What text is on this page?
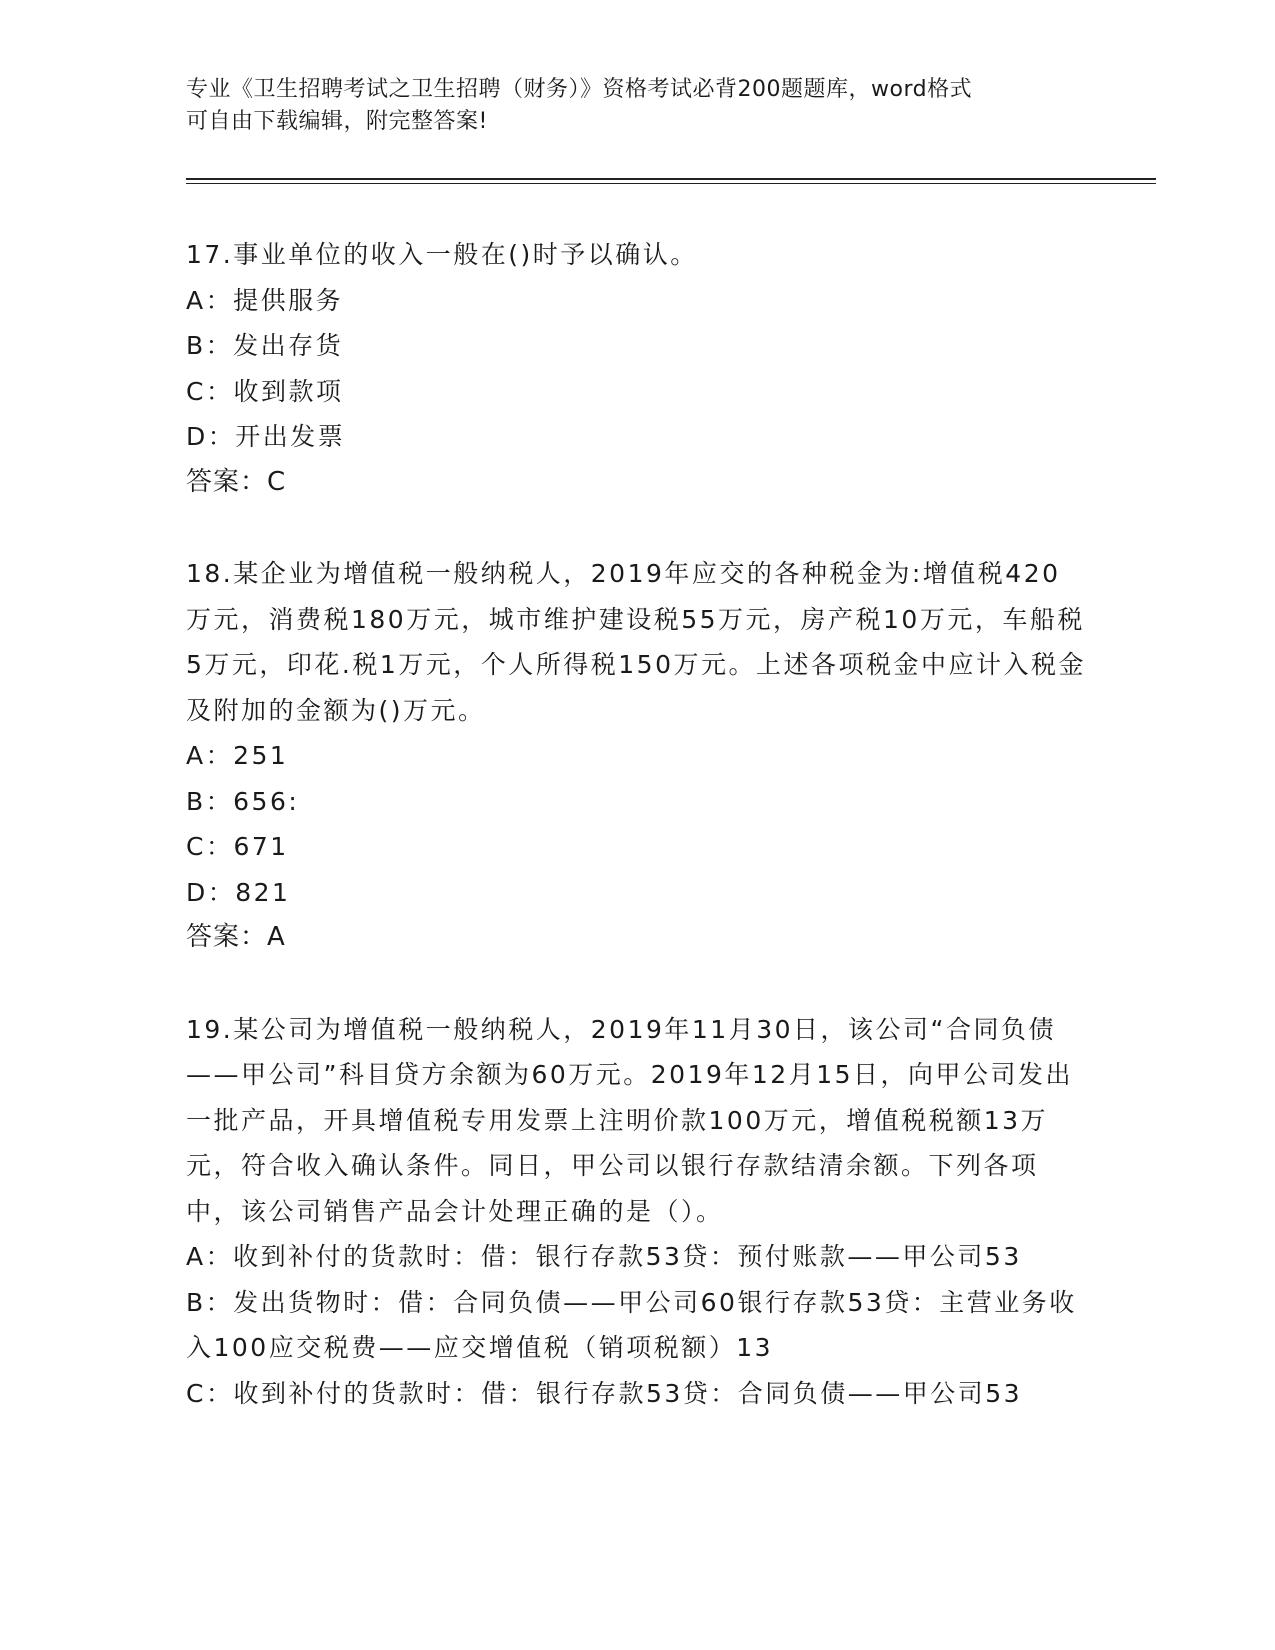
专业《卫生招聘考试之卫生招聘（财务）》资格考试必背200题题库，word格式
可自由下载编辑，附完整答案!

17.事业单位的收入一般在()时予以确认。

A：提供服务

B：发出存货

C：收到款项

D：开出发票

答案：C

18.某企业为增值税一般纳税人，2019年应交的各种税金为:增值税420万元，消费税180万元，城市维护建设税55万元，房产税10万元，车船税5万元，印花.税1万元，个人所得税150万元。上述各项税金中应计入税金及附加的金额为()万元。

A：251

B：656:

C：671

D：821

答案：A

19.某公司为增值税一般纳税人，2019年11月30日，该公司“合同负债——甲公司”科目贷方余额为60万元。2019年12月15日，向甲公司发出一批产品，开具增值税专用发票上注明价款100万元，增值税税额13万元，符合收入确认条件。同日，甲公司以银行存款结清余额。下列各项中，该公司销售产品会计处理正确的是（）。

A：收到补付的货款时：借：银行存款53贷：预付账款——甲公司53

B：发出货物时：借：合同负债——甲公司60银行存款53贷：主营业务收入100应交税费——应交增值税（销项税额）13

C：收到补付的货款时：借：银行存款53贷：合同负债——甲公司53
